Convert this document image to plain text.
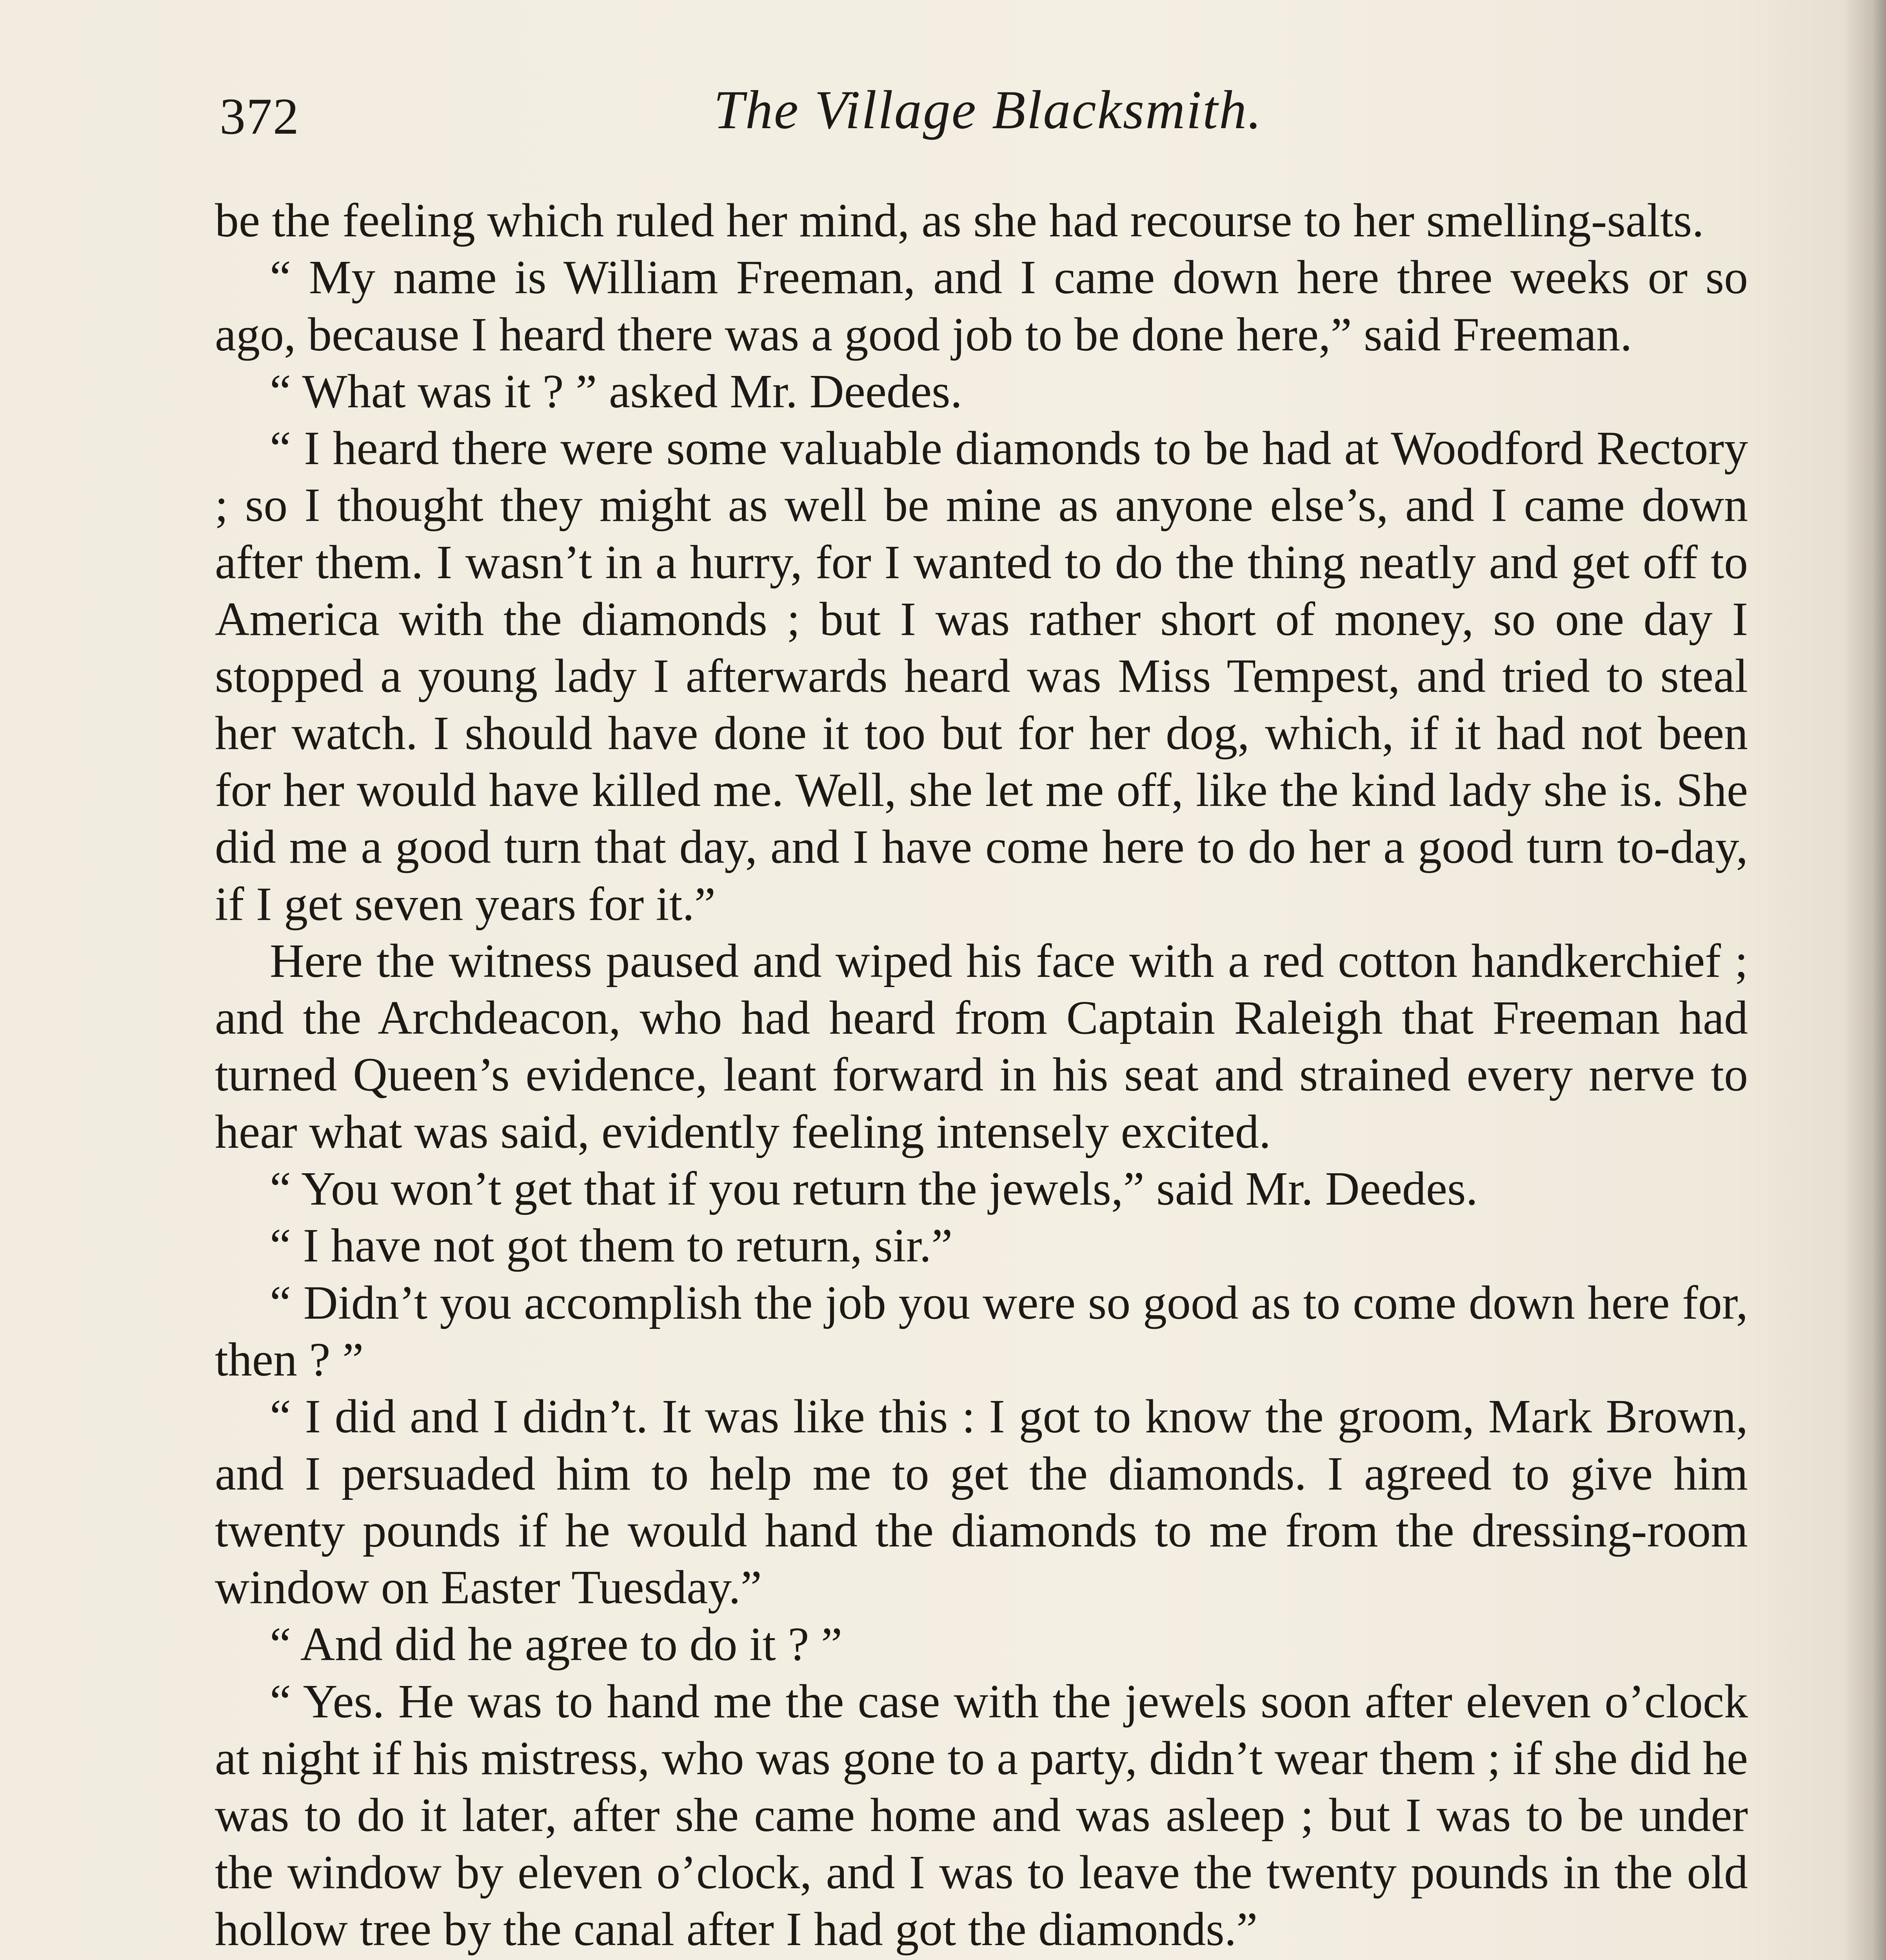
372	The Village Blacksmith.

be the feeling which ruled her mind, as she had recourse to her smelling-salts.

“ My name is William Freeman, and I came down here three weeks or so ago, because I heard there was a good job to be done here,” said Freeman.

“ What was it ? ” asked Mr. Deedes.

“ I heard there were some valuable diamonds to be had at Woodford Rectory ; so I thought they might as well be mine as anyone else’s, and I came down after them. I wasn’t in a hurry, for I wanted to do the thing neatly and get off to America with the diamonds ; but I was rather short of money, so one day I stopped a young lady I afterwards heard was Miss Tempest, and tried to steal her watch. I should have done it too but for her dog, which, if it had not been for her would have killed me. Well, she let me off, like the kind lady she is. She did me a good turn that day, and I have come here to do her a good turn to-day, if I get seven years for it.”

Here the witness paused and wiped his face with a red cotton handkerchief ; and the Archdeacon, who had heard from Captain Raleigh that Freeman had turned Queen’s evidence, leant forward in his seat and strained every nerve to hear what was said, evidently feeling intensely excited.

“ You won’t get that if you return the jewels,” said Mr. Deedes.

“ I have not got them to return, sir.”

“ Didn’t you accomplish the job you were so good as to come down here for, then ? ”

“ I did and I didn’t. It was like this : I got to know the groom, Mark Brown, and I persuaded him to help me to get the diamonds. I agreed to give him twenty pounds if he would hand the diamonds to me from the dressing-room window on Easter Tuesday.”

“ And did he agree to do it ? ”

“ Yes. He was to hand me the case with the jewels soon after eleven o’clock at night if his mistress, who was gone to a party, didn’t wear them ; if she did he was to do it later, after she came home and was asleep ; but I was to be under the window by eleven o’clock, and I was to leave the twenty pounds in the old hollow tree by the canal after I had got the diamonds.”
